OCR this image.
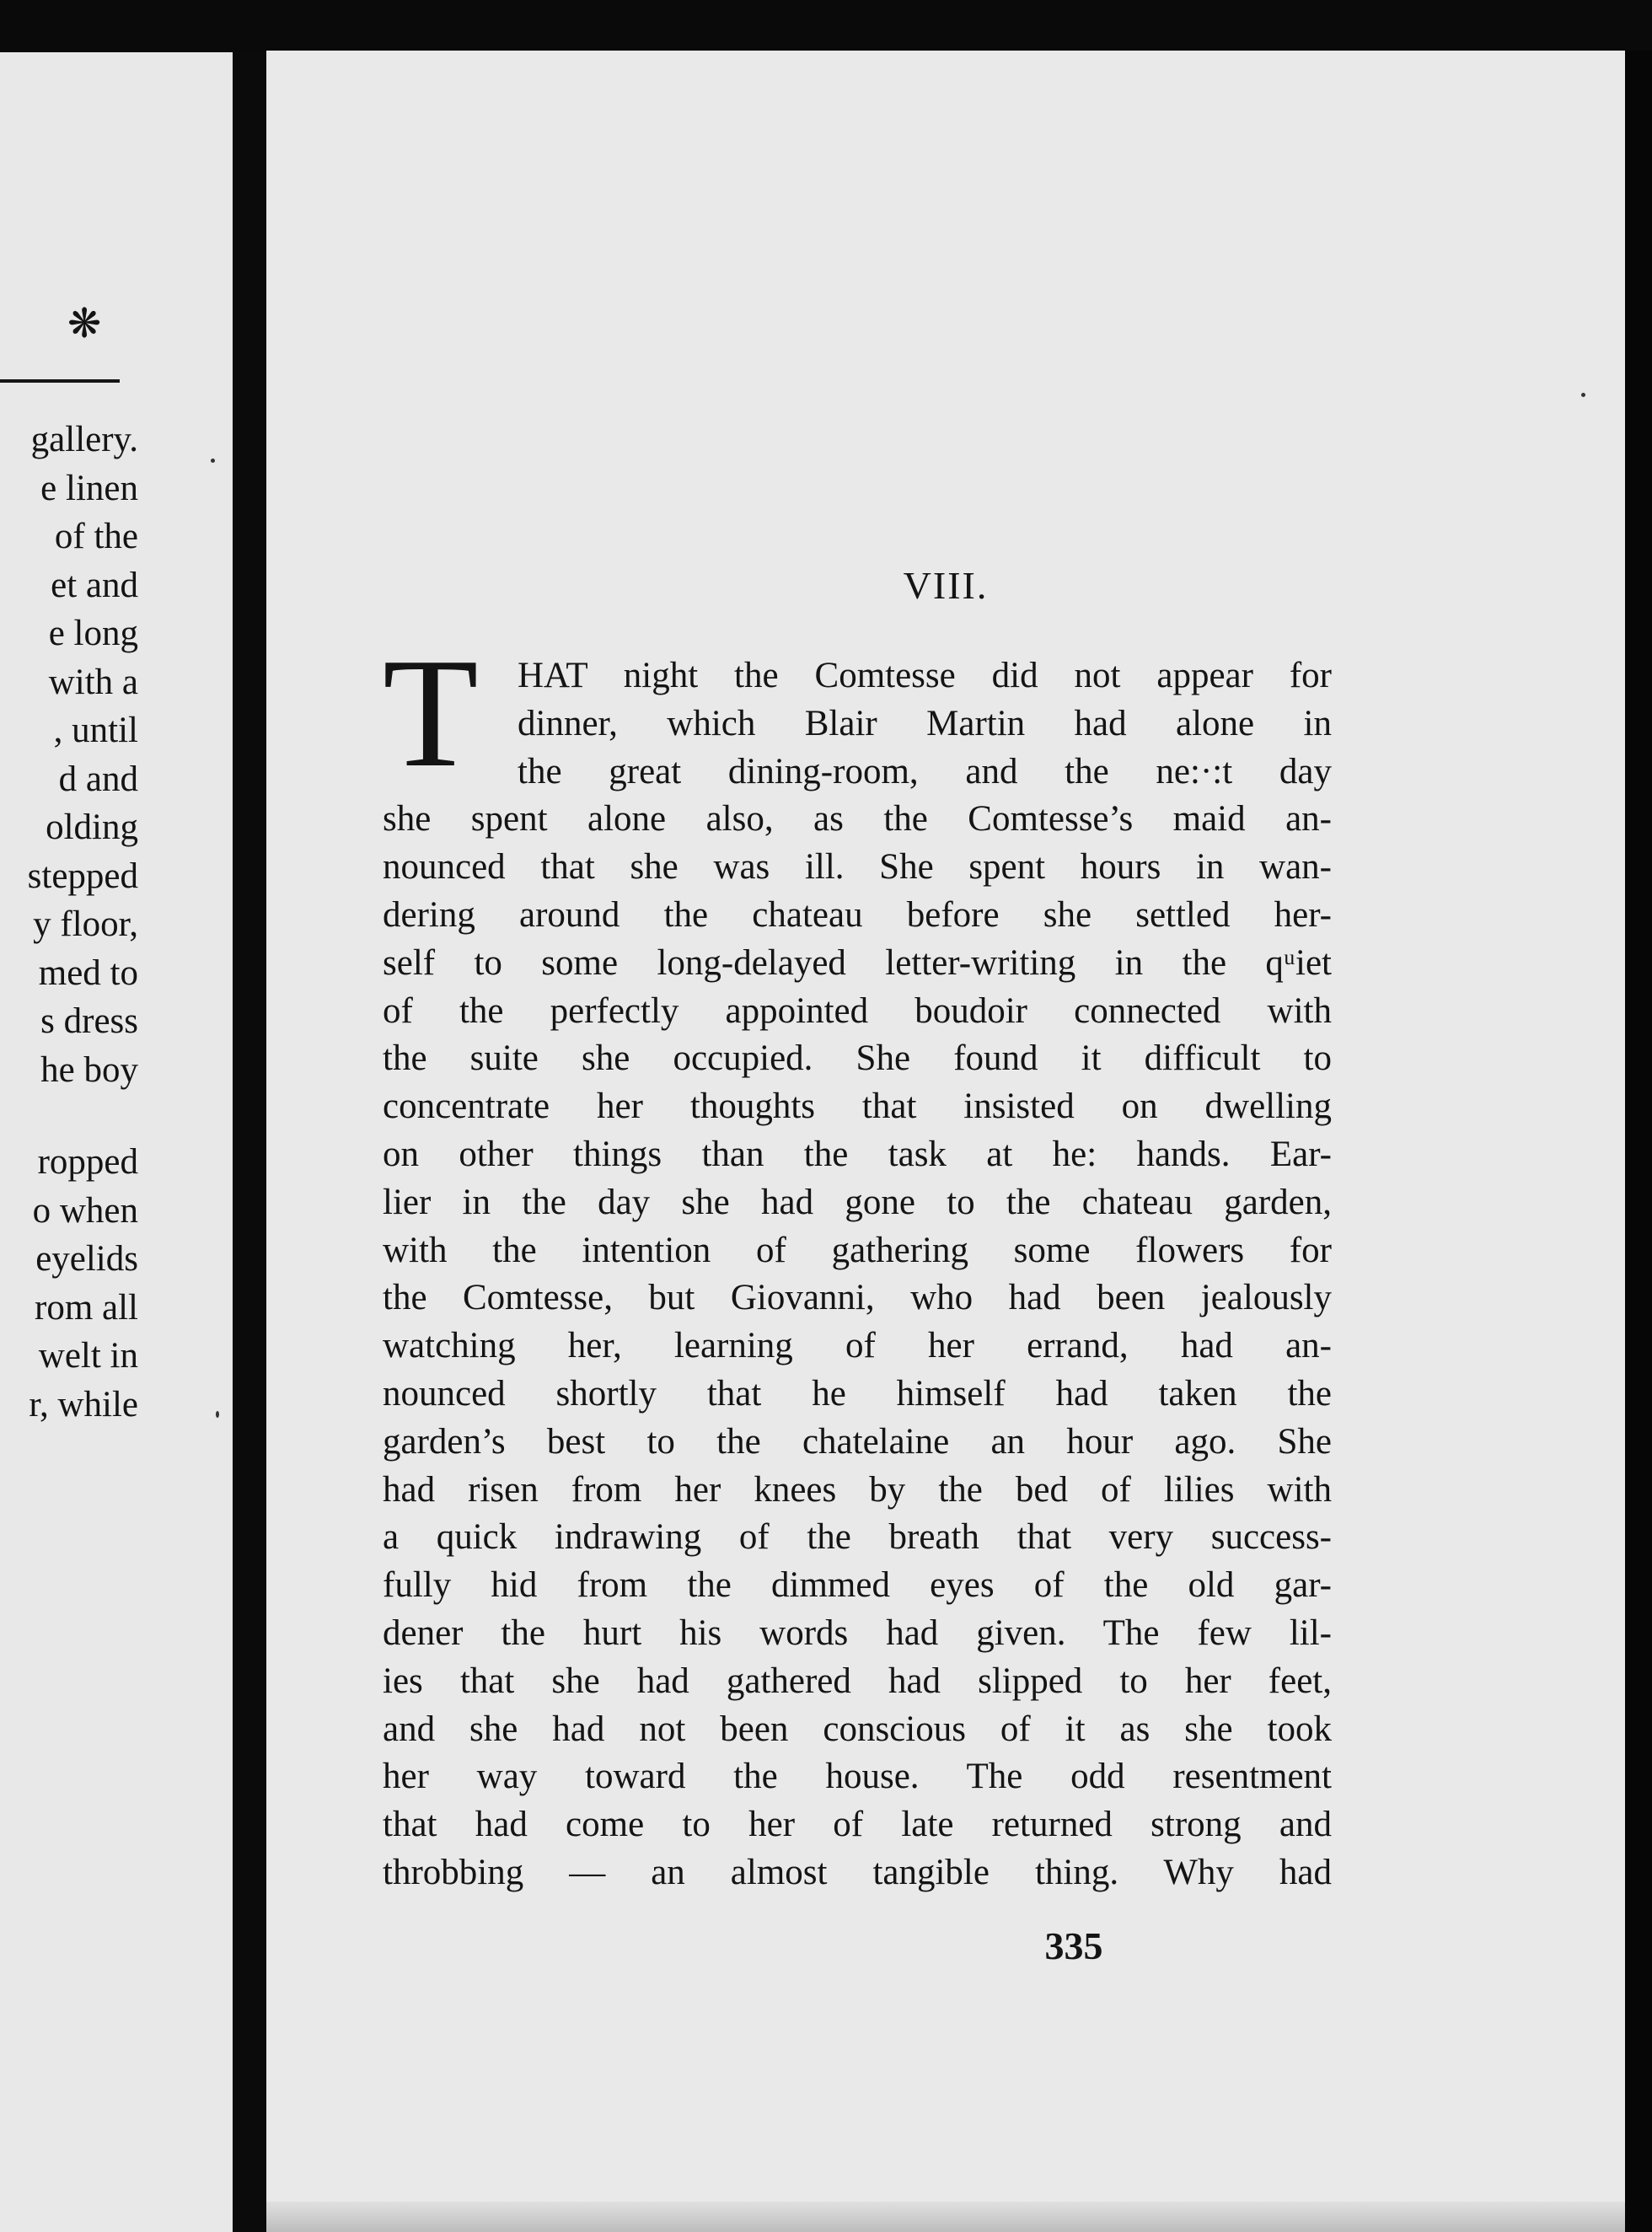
❋
gallery.
e linen
of the
et and
e long
with a
, until
d and
olding
stepped
y floor,
med to
s dress
he boy
ropped
o when
eyelids
rom all
welt in
r, while
VIII.
T	HAT night the Comtesse did not appear for
dinner, which Blair Martin had alone in
the great dining-room, and the ne:·:t day
she spent alone also, as the Comtesse’s maid an-
nounced that she was ill. She spent hours in wan-
dering around the chateau before she settled her-
self to some long-delayed letter-writing in the qᵘiet
of the perfectly appointed boudoir connected with
the suite she occupied. She found it difficult to
concentrate her thoughts that insisted on dwelling
on other things than the task at he: hands. Ear-
lier in the day she had gone to the chateau garden,
with the intention of gathering some flowers for
the Comtesse, but Giovanni, who had been jealously
watching her, learning of her errand, had an-
nounced shortly that he himself had taken the
garden’s best to the chatelaine an hour ago. She
had risen from her knees by the bed of lilies with
a quick indrawing of the breath that very success-
fully hid from the dimmed eyes of the old gar-
dener the hurt his words had given. The few lil-
ies that she had gathered had slipped to her feet,
and she had not been conscious of it as she took
her way toward the house. The odd resentment
that had come to her of late returned strong and
throbbing — an almost tangible thing. Why had
335
